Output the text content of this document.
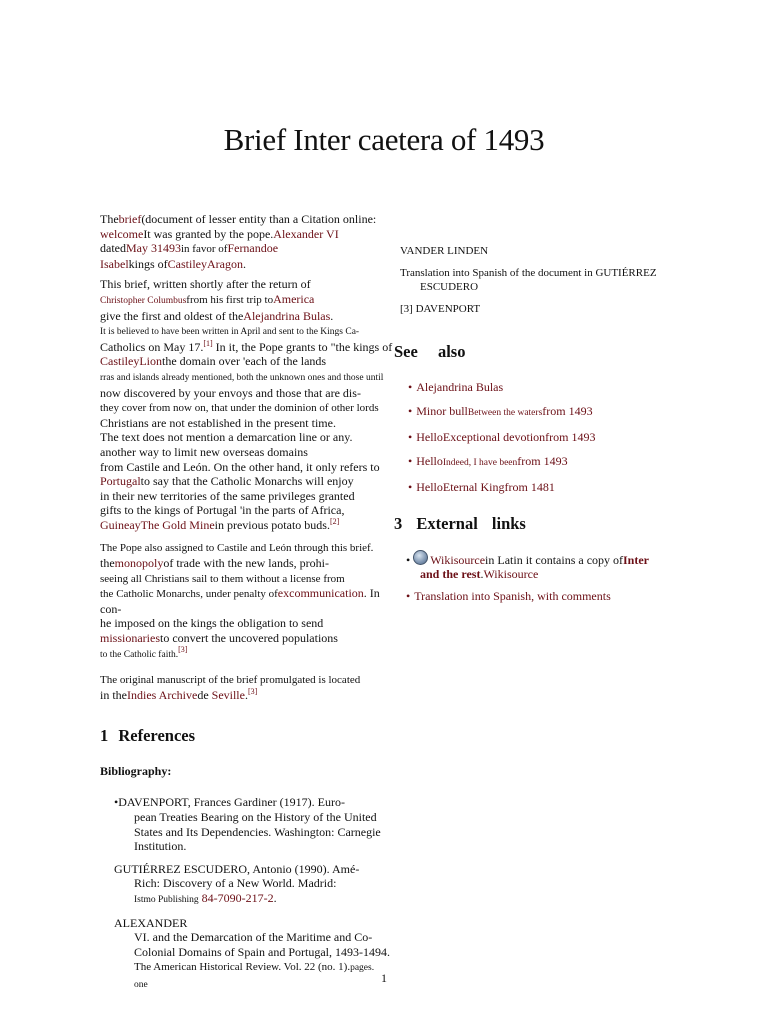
Brief Inter caetera of 1493

Thebrief(document of lesser entity than a Citation online: welcomeIt was granted by the pope.Alexander VI
datedMay 31493in favor ofFernandoe
Isabelkings ofCastileyAragon.

This brief, written shortly after the return of
Christopher Columbusfrom his first trip toAmerica
give the first and oldest of theAlejandrina Bulas.
It is believed to have been written in April and sent to the Kings Ca-
Catholics on May 17.[1] In it, the Pope grants to "the kings of
CastileyLionthe domain over 'each of the lands
rras and islands already mentioned, both the unknown ones and those until
now discovered by your envoys and those that are dis-
they cover from now on, that under the dominion of other lords
Christians are not established in the present time.
The text does not mention a demarcation line or any.
another way to limit new overseas domains
from Castile and León. On the other hand, it only refers to
Portugalto say that the Catholic Monarchs will enjoy
in their new territories of the same privileges granted
gifts to the kings of Portugal 'in the parts of Africa,
GuineayThe Gold Minein previous potato buds.[2]

The Pope also assigned to Castile and León through this brief.
themonopolyof trade with the new lands, prohi-
seeing all Christians sail to them without a license from
the Catholic Monarchs, under penalty ofexcommunication. In con-
he imposed on the kings the obligation to send
missionariesto convert the uncovered populations
to the Catholic faith.[3]

The original manuscript of the brief promulgated is located
in theIndies Archivede Seville.[3]

1 References

Bibliography:

•DAVENPORT, Frances Gardiner (1917). Euro-
pean Treaties Bearing on the History of the United
States and Its Dependencies. Washington: Carnegie
Institution.

GUTIÉRREZ ESCUDERO, Antonio (1990). Amé-
Rich: Discovery of a New World. Madrid:
Istmo Publishing 84-7090-217-2.

ALEXANDER
VI. and the Demarcation of the Maritime and Co-
Colonial Domains of Spain and Portugal, 1493-1494.
The American Historical Review. Vol. 22 (no. 1).pages.
one

VANDER LINDEN

Translation into Spanish of the document in GUTIÉRREZ
ESCUDERO

[3] DAVENPORT

See also
• Alejandrina Bulas
• Minor bullBetween the watersfrom 1493
• HelloExceptional devotionfrom 1493
• HelloIndeed, I have beenfrom 1493
• HelloEternal Kingfrom 1481
3 External links

• Wikisourcein Latin it contains a copy ofInter
and the rest.Wikisource

• Translation into Spanish, with comments

1
